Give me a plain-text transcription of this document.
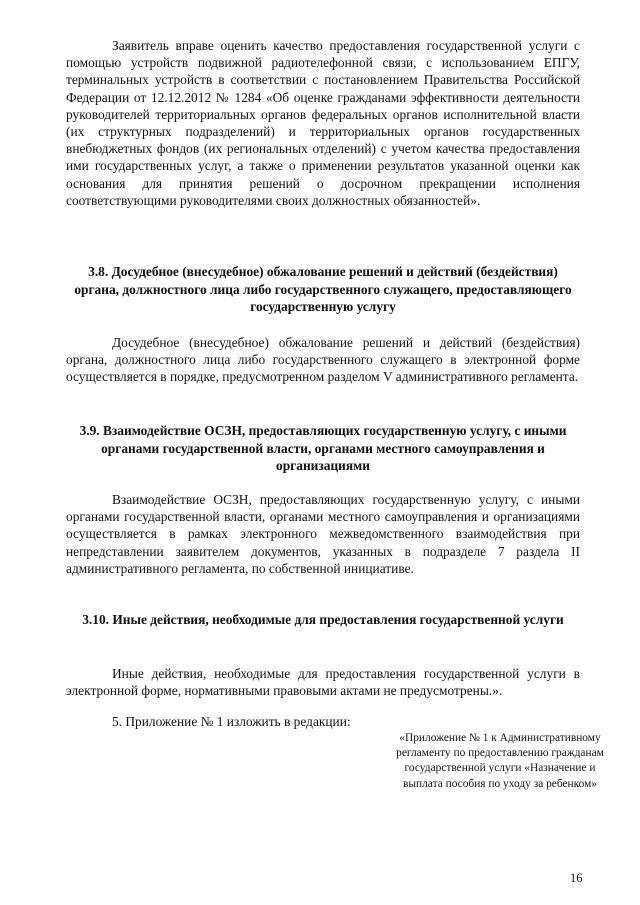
Заявитель вправе оценить качество предоставления государственной услуги с помощью устройств подвижной радиотелефонной связи, с использованием ЕПГУ, терминальных устройств в соответствии с постановлением Правительства Российской Федерации от 12.12.2012 № 1284 «Об оценке гражданами эффективности деятельности руководителей территориальных органов федеральных органов исполнительной власти (их структурных подразделений) и территориальных органов государственных внебюджетных фондов (их региональных отделений) с учетом качества предоставления ими государственных услуг, а также о применении результатов указанной оценки как основания для принятия решений о досрочном прекращении исполнения соответствующими руководителями своих должностных обязанностей».

3.8. Досудебное (внесудебное) обжалование решений и действий (бездействия) органа, должностного лица либо государственного служащего, предоставляющего государственную услугу

Досудебное (внесудебное) обжалование решений и действий (бездействия) органа, должностного лица либо государственного служащего в электронной форме осуществляется в порядке, предусмотренном разделом V административного регламента.

3.9. Взаимодействие ОСЗН, предоставляющих государственную услугу, с иными органами государственной власти, органами местного самоуправления и организациями

Взаимодействие ОСЗН, предоставляющих государственную услугу, с иными органами государственной власти, органами местного самоуправления и организациями осуществляется в рамках электронного межведомственного взаимодействия при непредставлении заявителем документов, указанных в подразделе 7 раздела II административного регламента, по собственной инициативе.

3.10. Иные действия, необходимые для предоставления государственной услуги

Иные действия, необходимые для предоставления государственной услуги в электронной форме, нормативными правовыми актами не предусмотрены.».

5. Приложение № 1 изложить в редакции:

«Приложение № 1 к Административному регламенту по предоставлению гражданам государственной услуги «Назначение и выплата пособия по уходу за ребенком»

16
